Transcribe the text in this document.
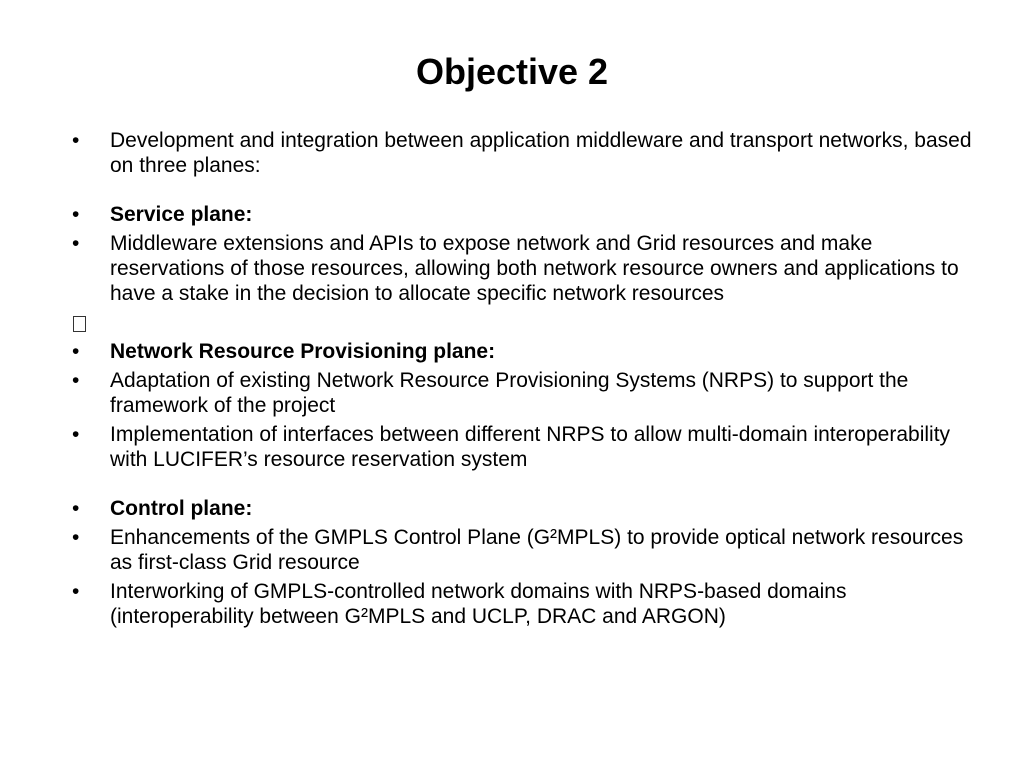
Objective 2
•	Development and integration between application middleware and transport networks, based on three planes:
•	Service plane:
•	Middleware extensions and APIs to expose network and Grid resources and make reservations of those resources, allowing both network resource owners and applications to have a stake in the decision to allocate specific network resources

•	Network Resource Provisioning plane:
•	Adaptation of existing Network Resource Provisioning Systems (NRPS) to support the framework of the project
•	Implementation of interfaces between different NRPS to allow multi-domain interoperability with LUCIFER’s resource reservation system
•	Control plane:
•	Enhancements of the GMPLS Control Plane (G²MPLS) to provide optical network resources as first-class Grid resource
•	Interworking of GMPLS-controlled network domains with NRPS-based domains (interoperability between G²MPLS and UCLP, DRAC and ARGON)
